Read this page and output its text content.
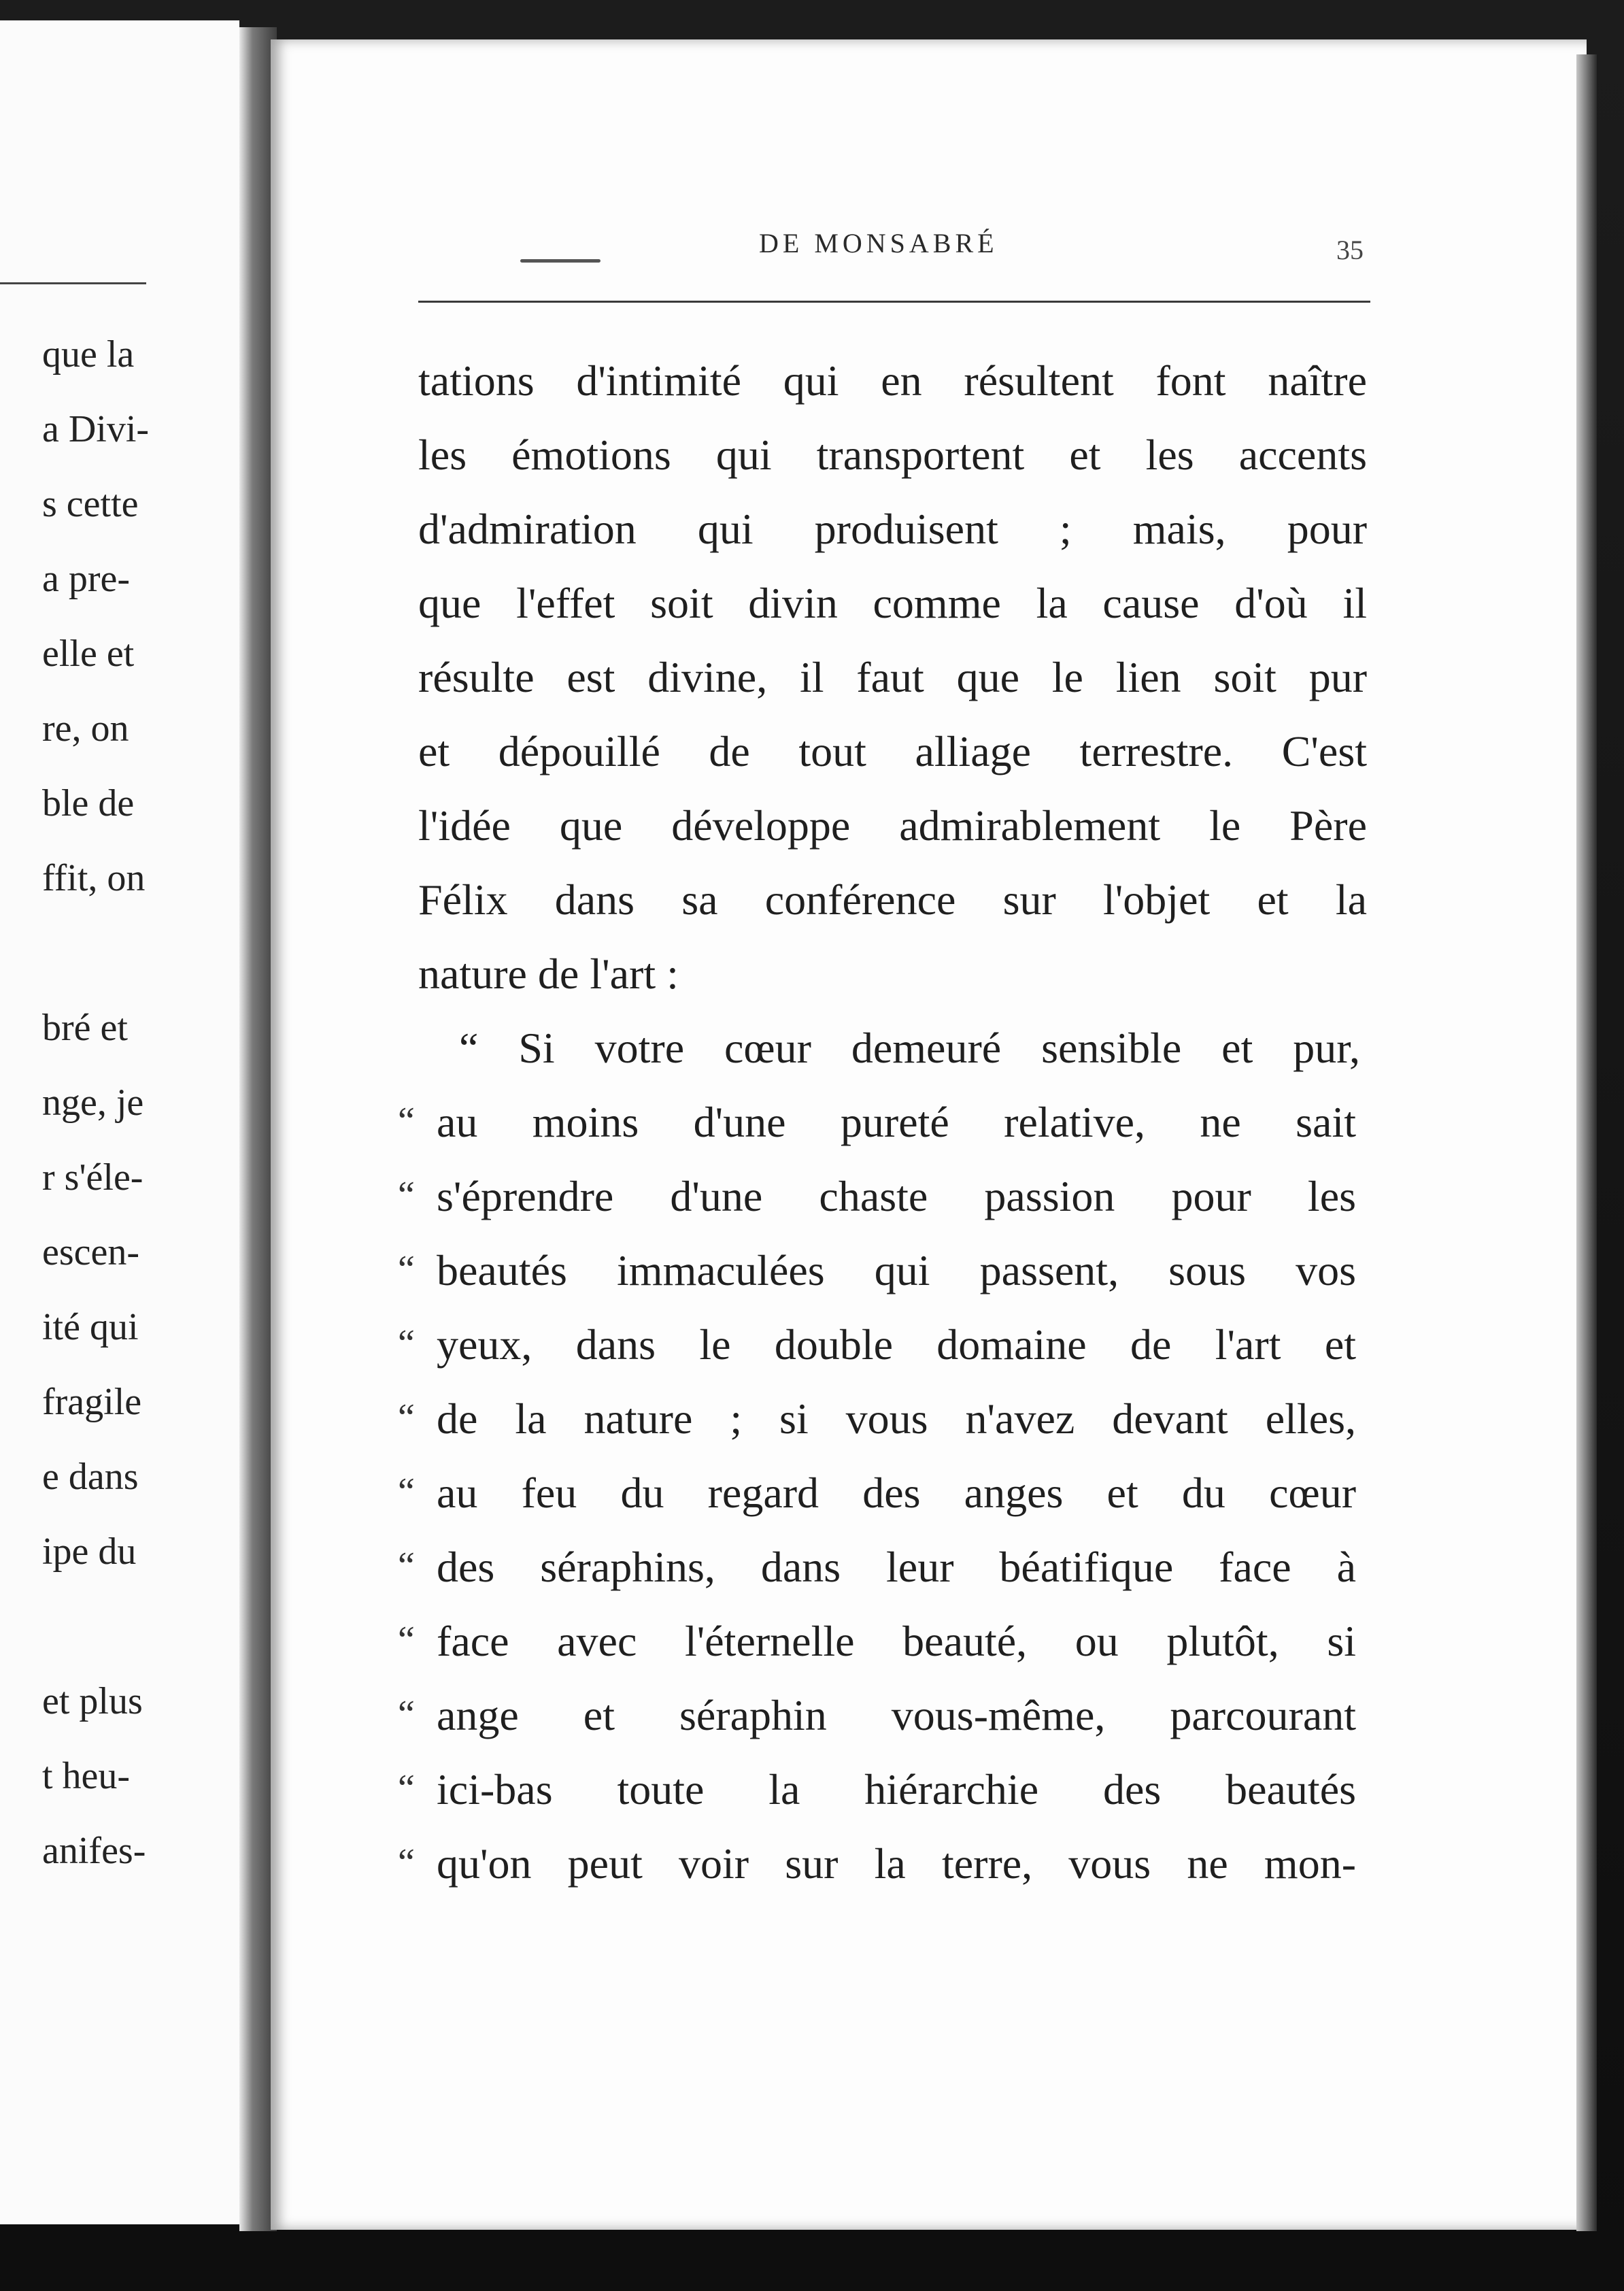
que la
a Divi-
s cette
a pre-
elle et
re, on
ble de
ffit, on
bré et
nge, je
r s'éle-
escen-
ité qui
fragile
e dans
ipe du
et plus
t heu-
anifes-
DE MONSABRÉ	35
tations d'intimité qui en résultent font naître
les émotions qui transportent et les accents
d'admiration qui produisent ; mais, pour
que l'effet soit divin comme la cause d'où il
résulte est divine, il faut que le lien soit pur
et dépouillé de tout alliage terrestre. C'est
l'idée que développe admirablement le Père
Félix dans sa conférence sur l'objet et la
nature de l'art :
“ Si votre cœur demeuré sensible et pur,
“ au moins d'une pureté relative, ne sait
“ s'éprendre d'une chaste passion pour les
“ beautés immaculées qui passent, sous vos
“ yeux, dans le double domaine de l'art et
“ de la nature ; si vous n'avez devant elles,
“ au feu du regard des anges et du cœur
“ des séraphins, dans leur béatifique face à
“ face avec l'éternelle beauté, ou plutôt, si
“ ange et séraphin vous-même, parcourant
“ ici-bas toute la hiérarchie des beautés
“ qu'on peut voir sur la terre, vous ne mon-
